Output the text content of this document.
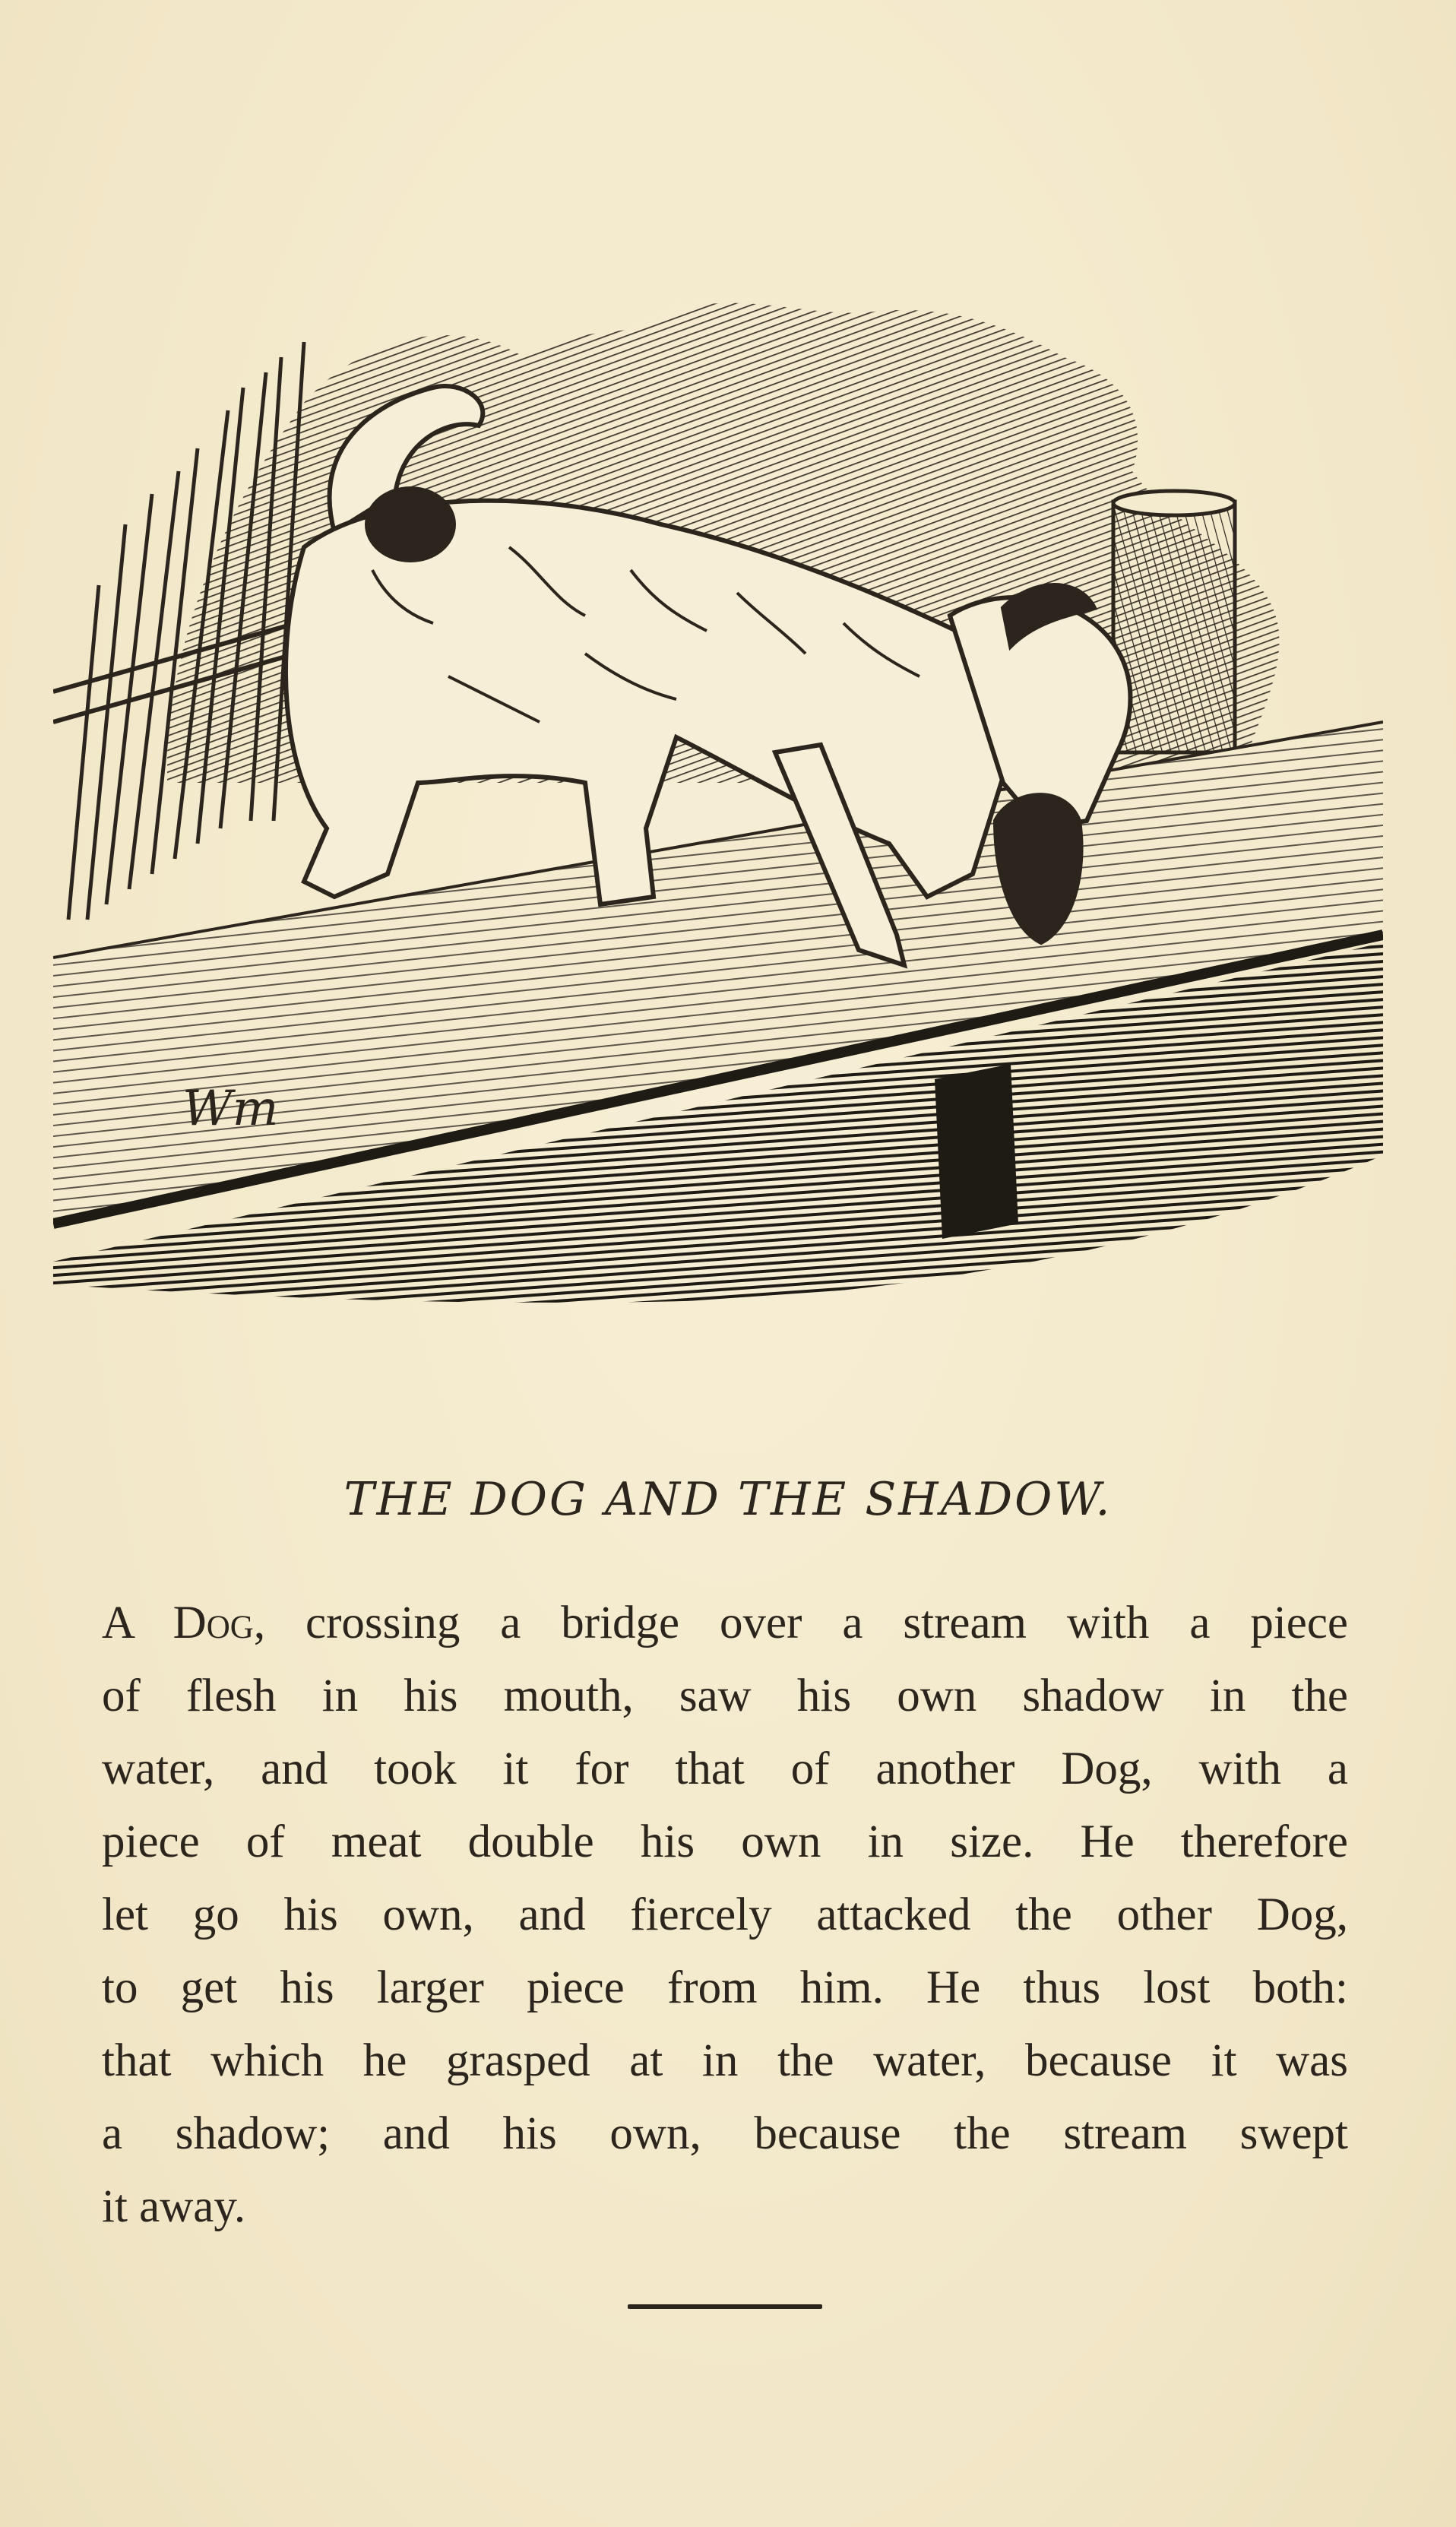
Wm
THE DOG AND THE SHADOW.
A Dog, crossing a bridge over a stream with a piece
of flesh in his mouth, saw his own shadow in the
water, and took it for that of another Dog, with a
piece of meat double his own in size. He therefore
let go his own, and fiercely attacked the other Dog,
to get his larger piece from him. He thus lost both:
that which he grasped at in the water, because it was
a shadow; and his own, because the stream swept
it away.
